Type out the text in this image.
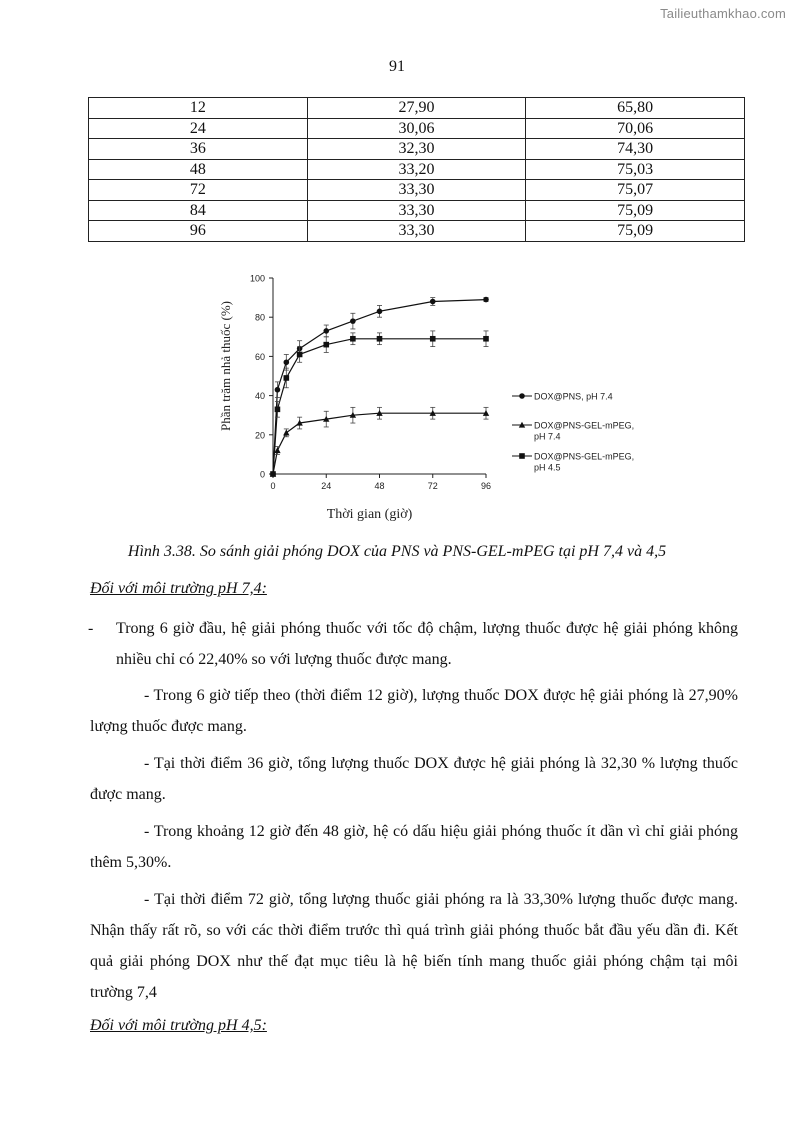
Tailieuthamkhao.com
91
12	27,90	65,80
24	30,06	70,06
36	32,30	74,30
48	33,20	75,03
72	33,30	75,07
84	33,30	75,09
96	33,30	75,09
0
20
40
60
80
100
0	24	48	72	96
Thời gian (giờ)
Phần trăm nhả thuốc (%)	DOX@PNS, pH 7.4
DOX@PNS-GEL-mPEG,
pH 7.4
DOX@PNS-GEL-mPEG,
pH 4.5
Hình 3.38. So sánh giải phóng DOX của PNS và PNS-GEL-mPEG tại pH 7,4 và 4,5
Đối với môi trường pH 7,4:

- Trong 6 giờ đầu, hệ giải phóng thuốc với tốc độ chậm, lượng thuốc được hệ giải phóng không nhiều chỉ có 22,40% so với lượng thuốc được mang.

- Trong 6 giờ tiếp theo (thời điểm 12 giờ), lượng thuốc DOX được hệ giải phóng là 27,90% lượng thuốc được mang.

- Tại thời điểm 36 giờ, tổng lượng thuốc DOX được hệ giải phóng là 32,30 % lượng thuốc được mang.

- Trong khoảng 12 giờ đến 48 giờ, hệ có dấu hiệu giải phóng thuốc ít dần vì chỉ giải phóng thêm 5,30%.

- Tại thời điểm 72 giờ, tổng lượng thuốc giải phóng ra là 33,30% lượng thuốc được mang. Nhận thấy rất rõ, so với các thời điểm trước thì quá trình giải phóng thuốc bắt đầu yếu dần đi. Kết quả giải phóng DOX như thế đạt mục tiêu là hệ biến tính mang thuốc giải phóng chậm tại môi trường 7,4

Đối với môi trường pH 4,5:
